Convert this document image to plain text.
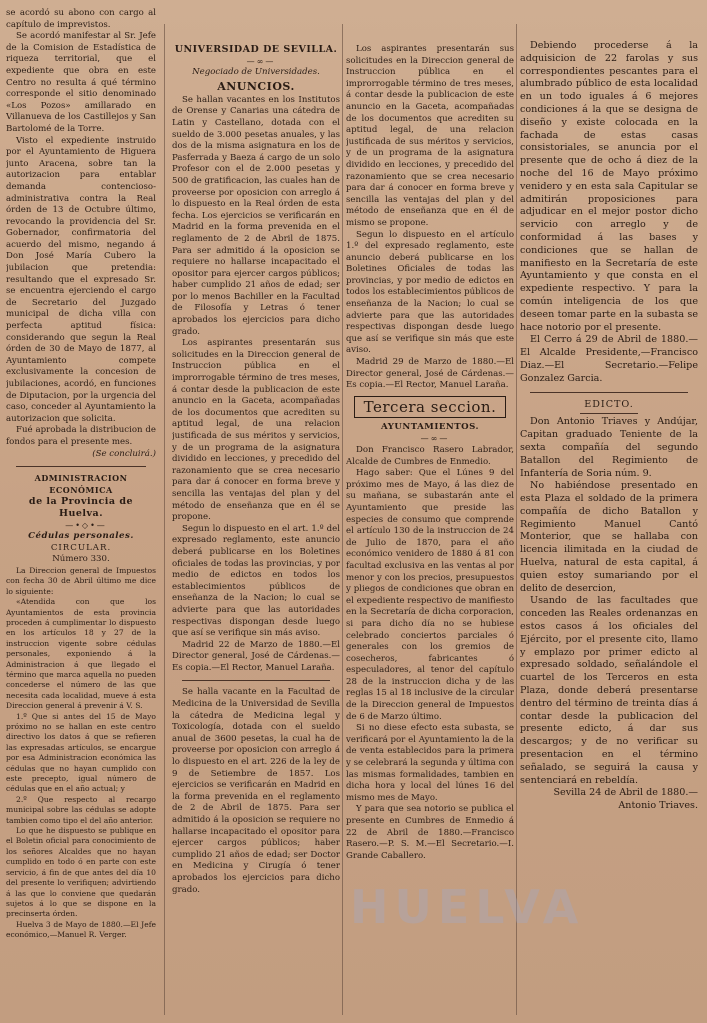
se acordó su abono con cargo al capítulo de imprevistos.

Se acordó manifestar al Sr. Jefe de la Comision de Estadística de riqueza territorial, que el expediente que obra en este Centro no resulta á qué término corresponde el sitio denominado «Los Pozos» amillarado en Villanueva de los Castillejos y San Bartolomé de la Torre.

Visto el expediente instruido por el Ayuntamiento de Higuera junto Aracena, sobre tan la autorizacion para entablar demanda contencioso-administrativa contra la Real órden de 13 de Octubre último, revocando la providencia del Sr. Gobernador, confirmatoria del acuerdo del mismo, negando á Don José María Cubero la jubilacion que pretendia: resultando que el expresado Sr. se encuentra ejerciendo el cargo de Secretario del Juzgado municipal de dicha villa con perfecta aptitud física: considerando que segun la Real órden de 30 de Mayo de 1877, al Ayuntamiento compete exclusivamente la concesion de jubilaciones, acordó, en funciones de Diputacion, por la urgencia del caso, conceder al Ayuntamiento la autorizacion que solicita.

Fué aprobada la distribucion de fondos para el presente mes.

(Se concluirá.)

ADMINISTRACION ECONÓMICA

de la Provincia de Huelva.

—•◇•—

Cédulas personales.

CIRCULAR.

Número 330.

La Direccion general de Impuestos con fecha 30 de Abril último me dice lo siguiente:

«Atendida con que los Ayuntamientos de esta provincia proceden á cumplimentar lo dispuesto en los artículos 18 y 27 de la instruccion vigente sobre cédulas personales, exponiendo á la Administracion á que llegado el término que marca aquella no pueden concederse el número de las que necesita cada localidad, mueve á esta Direccion general á prevenir á V. S.

1.º Que si antes del 15 de Mayo próximo no se hallan en este centro directivo los datos á que se refieren las expresadas artículos, se encargue por esa Administracion económica las cédulas que no hayan cumplido con este precepto, igual número de cédulas que en el año actual; y

2.º Que respecto al recargo municipal sobre las cédulas se adopte tambien como tipo el del año anterior.

Lo que he dispuesto se publique en el Boletin oficial para conocimiento de los señores Alcaldes que no hayan cumplido en todo ó en parte con este servicio, á fin de que antes del día 10 del presente lo verifiquen; advirtiendo á las que lo conviene que quedarán sujetos á lo que se dispone en la precinserta órden.

Huelva 3 de Mayo de 1880.—El Jefe económico,—Manuel R. Verger.

UNIVERSIDAD DE SEVILLA.

—∞—

Negociado de Universidades.

ANUNCIOS.

Se hallan vacantes en los Institutos de Orense y Canarias una cátedra de Latin y Castellano, dotada con el sueldo de 3.000 pesetas anuales, y las dos de la misma asignatura en los de Pasferrada y Baeza á cargo de un solo Profesor con el de 2.000 pesetas y 500 de gratificacion, las cuales han de proveerse por oposicion con arreglo á lo dispuesto en la Real órden de esta fecha. Los ejercicios se verificarán en Madrid en la forma prevenida en el reglamento de 2 de Abril de 1875. Para ser admitido á la oposicion se requiere no hallarse incapacitado el opositor para ejercer cargos públicos; haber cumplido 21 años de edad; ser por lo menos Bachiller en la Facultad de Filosofía y Letras ó tener aprobados los ejercicios para dicho grado.

Los aspirantes presentarán sus solicitudes en la Direccion general de Instruccion pública en el improrrogable término de tres meses, á contar desde la publicacion de este anuncio en la Gaceta, acompañadas de los documentos que acrediten su aptitud legal, de una relacion justificada de sus méritos y servicios, y de un programa de la asignatura dividido en lecciones, y precedido del razonamiento que se crea necesario para dar á conocer en forma breve y sencilla las ventajas del plan y del método de enseñanza que en él se propone.

Segun lo dispuesto en el art. 1.º del expresado reglamento, este anuncio deberá publicarse en los Boletines oficiales de todas las provincias, y por medio de edictos en todos los establecimientos públicos de enseñanza de la Nacion; lo cual se advierte para que las autoridades respectivas dispongan desde luego que así se verifique sin más aviso.

Madrid 22 de Marzo de 1880.—El Director general, José de Cárdenas.—Es copia.—El Rector, Manuel Laraña.

Se halla vacante en la Facultad de Medicina de la Universidad de Sevilla la cátedra de Medicina legal y Toxicología, dotada con el sueldo anual de 3600 pesetas, la cual ha de proveerse por oposicion con arreglo á lo dispuesto en el art. 226 de la ley de 9 de Setiembre de 1857. Los ejercicios se verificarán en Madrid en la forma prevenida en el reglamento de 2 de Abril de 1875. Para ser admitido á la oposicion se requiere no hallarse incapacitado el opositor para ejercer cargos públicos; haber cumplido 21 años de edad; ser Doctor en Medicina y Cirugía ó tener aprobados los ejercicios para dicho grado.

Los aspirantes presentarán sus solicitudes en la Direccion general de Instruccion pública en el improrrogable término de tres meses, á contar desde la publicacion de este anuncio en la Gaceta, acompañadas de los documentos que acrediten su aptitud legal, de una relacion justificada de sus méritos y servicios, y de un programa de la asignatura dividido en lecciones, y precedido del razonamiento que se crea necesario para dar á conocer en forma breve y sencilla las ventajas del plan y del método de enseñanza que en él de mismo se propone.

Segun lo dispuesto en el artículo 1.º del expresado reglamento, este anuncio deberá publicarse en los Boletines Oficiales de todas las provincias, y por medio de edictos en todos los establecimientos públicos de enseñanza de la Nacion; lo cual se advierte para que las autoridades respectivas dispongan desde luego que así se verifique sin más que este aviso.

Madrid 29 de Marzo de 1880.—El Director general, José de Cárdenas.—Es copia.—El Rector, Manuel Laraña.

Tercera seccion.

AYUNTAMIENTOS.

—∞—

Don Francisco Rasero Labrador, Alcalde de Cumbres de Enmedio.

Hago saber: Que el Lúnes 9 del próximo mes de Mayo, á las diez de su mañana, se subastarán ante el Ayuntamiento que preside las especies de consumo que comprende el artículo 130 de la instruccion de 24 de Julio de 1870, para el año económico venidero de 1880 á 81 con facultad exclusiva en las ventas al por menor y con los precios, presupuestos y pliegos de condiciones que obran en el expediente respectivo de manifiesto en la Secretaría de dicha corporacion, si para dicho día no se hubiese celebrado conciertos parciales ó generales con los gremios de cosecheros, fabricantes ó especuladores, al tenor del capítulo 28 de la instruccion dicha y de las reglas 15 al 18 inclusive de la circular de la Direccion general de Impuestos de 6 de Marzo último.

Si no diese efecto esta subasta, se verificará por el Ayuntamiento la de la de venta establecidos para la primera y se celebrará la segunda y última con las mismas formalidades, tambien en dicha hora y local del lúnes 16 del mismo mes de Mayo.

Y para que sea notorio se publica el presente en Cumbres de Enmedio á 22 de Abril de 1880.—Francisco Rasero.—P. S. M.—El Secretario.—I. Grande Caballero.

Debiendo procederse á la adquisicion de 22 farolas y sus correspondientes pescantes para el alumbrado público de esta localidad en un todo iguales á 6 mejores condiciones á la que se designa de diseño y existe colocada en la fachada de estas casas consistoriales, se anuncia por el presente que de ocho á diez de la noche del 16 de Mayo próximo venidero y en esta sala Capitular se admitirán proposiciones para adjudicar en el mejor postor dicho servicio con arreglo y de conformidad á las bases y condiciones que se hallan de manifiesto en la Secretaría de este Ayuntamiento y que consta en el expediente respectivo. Y para la común inteligencia de los que deseen tomar parte en la subasta se hace notorio por el presente.

El Cerro á 29 de Abril de 1880.—El Alcalde Presidente,—Francisco Diaz.—El Secretario.—Felipe Gonzalez Garcia.

EDICTO.

Don Antonio Triaves y Andújar, Capitan graduado Teniente de la sexta compañía del segundo Batallon del Regimiento de Infantería de Soria núm. 9.

No habiéndose presentado en esta Plaza el soldado de la primera compañía de dicho Batallon y Regimiento Manuel Cantó Monterior, que se hallaba con licencia ilimitada en la ciudad de Huelva, natural de esta capital, á quien estoy sumariando por el delito de desercion,

Usando de las facultades que conceden las Reales ordenanzas en estos casos á los oficiales del Ejército, por el presente cito, llamo y emplazo por primer edicto al expresado soldado, señalándole el cuartel de los Terceros en esta Plaza, donde deberá presentarse dentro del término de treinta días á contar desde la publicacion del presente edicto, á dar sus descargos; y de no verificar su presentacion en el término señalado, se seguirá la causa y sentenciará en rebeldía.

Sevilla 24 de Abril de 1880.—Antonio Triaves.

HUELVA
